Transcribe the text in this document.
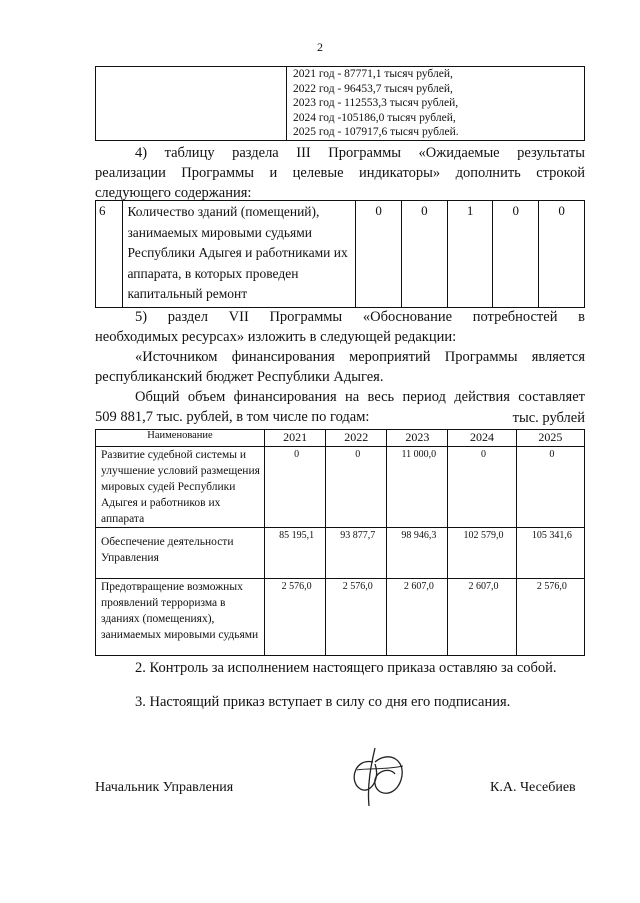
2

2021 год - 87771,1 тысяч рублей,
2022 год - 96453,7 тысяч рублей,
2023 год - 112553,3 тысяч рублей,
2024 год -105186,0 тысяч рублей,
2025 год - 107917,6 тысяч рублей.
4) таблицу раздела III Программы «Ожидаемые результаты
реализации Программы и целевые индикаторы» дополнить строкой
следующего содержания:
6	Количество зданий (помещений), занимаемых мировыми судьями Республики Адыгея и работниками их аппарата, в которых проведен капитальный ремонт	0	0	1	0	0
5) раздел VII Программы «Обоснование потребностей в
необходимых ресурсах» изложить в следующей редакции:
«Источником финансирования мероприятий Программы является
республиканский бюджет Республики Адыгея.
Общий объем финансирования на весь период действия составляет
509 881,7 тыс. рублей, в том числе по годам:	тыс. рублей
Наименование	2021	2022	2023	2024	2025
Развитие судебной системы и улучшение условий размещения мировых судей Республики Адыгея и работников их аппарата	0	0	11 000,0	0	0
Обеспечение деятельности Управления	85 195,1	93 877,7	98 946,3	102 579,0	105 341,6
Предотвращение возможных проявлений терроризма в зданиях (помещениях), занимаемых мировыми судьями	2 576,0	2 576,0	2 607,0	2 607,0	2 576,0
2. Контроль за исполнением настоящего приказа оставляю за собой.
3. Настоящий приказ вступает в силу со дня его подписания.
Начальник Управления	К.А. Чесебиев
